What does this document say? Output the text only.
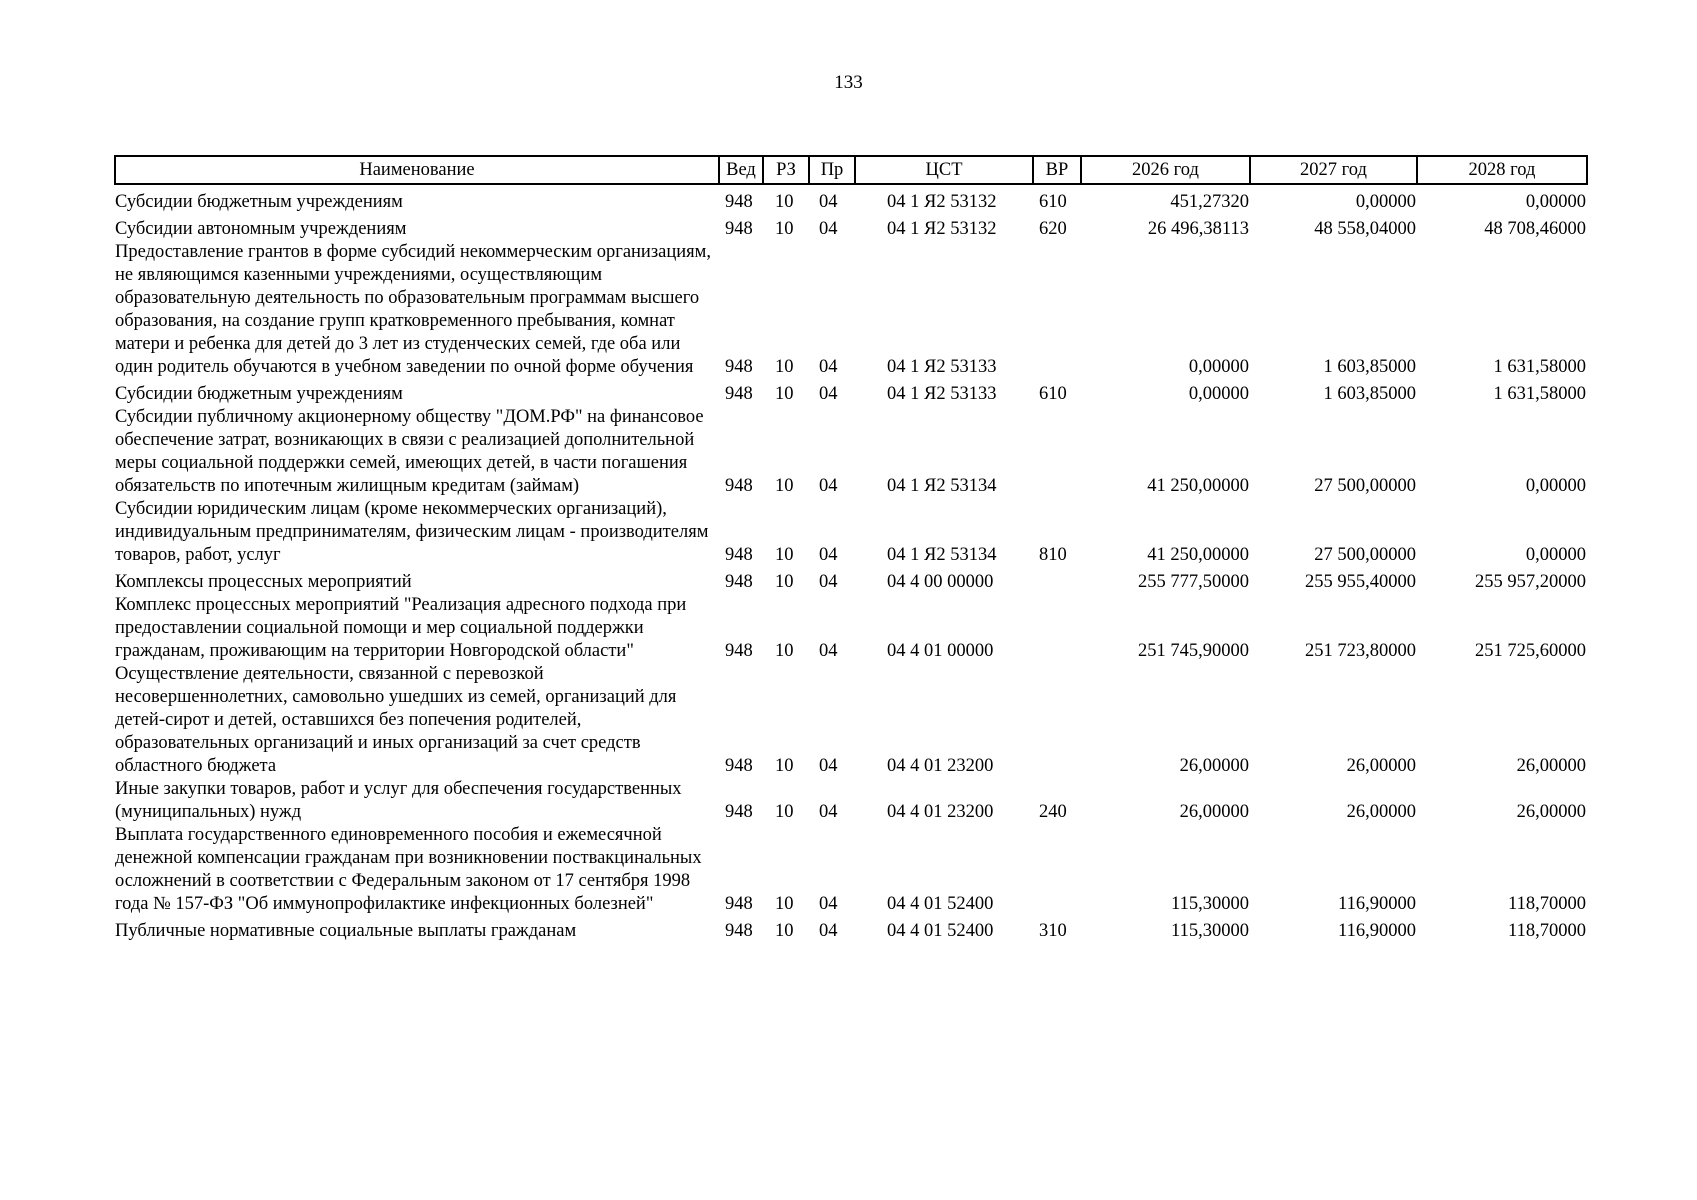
133
Наименование	Вед	РЗ	Пр	ЦСТ	ВР	2026 год	2027 год	2028 год
Субсидии бюджетным учреждениям	948	10	04	04 1 Я2 53132	610	451,27320	0,00000	0,00000
Субсидии автономным учреждениям	948	10	04	04 1 Я2 53132	620	26 496,38113	48 558,04000	48 708,46000
Предоставление грантов в форме субсидий некоммерческим организациям, не являющимся казенными учреждениями, осуществляющим образовательную деятельность по образовательным программам высшего образования, на создание групп кратковременного пребывания, комнат матери и ребенка для детей до 3 лет из студенческих семей, где оба или один родитель обучаются в учебном заведении по очной форме обучения	948	10	04	04 1 Я2 53133		0,00000	1 603,85000	1 631,58000
Субсидии бюджетным учреждениям	948	10	04	04 1 Я2 53133	610	0,00000	1 603,85000	1 631,58000
Субсидии публичному акционерному обществу "ДОМ.РФ" на финансовое обеспечение затрат, возникающих в связи с реализацией дополнительной меры социальной поддержки семей, имеющих детей, в части погашения обязательств по ипотечным жилищным кредитам (займам)	948	10	04	04 1 Я2 53134		41 250,00000	27 500,00000	0,00000
Субсидии юридическим лицам (кроме некоммерческих организаций), индивидуальным предпринимателям, физическим лицам - производителям товаров, работ, услуг	948	10	04	04 1 Я2 53134	810	41 250,00000	27 500,00000	0,00000
Комплексы процессных мероприятий	948	10	04	04 4 00 00000		255 777,50000	255 955,40000	255 957,20000
Комплекс процессных мероприятий "Реализация адресного подхода при предоставлении социальной помощи и мер социальной поддержки гражданам, проживающим на территории Новгородской области"	948	10	04	04 4 01 00000		251 745,90000	251 723,80000	251 725,60000
Осуществление деятельности, связанной с перевозкой несовершеннолетних, самовольно ушедших из семей, организаций для детей-сирот и детей, оставшихся без попечения родителей, образовательных организаций и иных организаций за счет средств областного бюджета	948	10	04	04 4 01 23200		26,00000	26,00000	26,00000
Иные закупки товаров, работ и услуг для обеспечения государственных (муниципальных) нужд	948	10	04	04 4 01 23200	240	26,00000	26,00000	26,00000
Выплата государственного единовременного пособия и ежемесячной денежной компенсации гражданам при возникновении поствакцинальных осложнений в соответствии с Федеральным законом от 17 сентября 1998 года № 157-ФЗ "Об иммунопрофилактике инфекционных болезней"	948	10	04	04 4 01 52400		115,30000	116,90000	118,70000
Публичные нормативные социальные выплаты гражданам	948	10	04	04 4 01 52400	310	115,30000	116,90000	118,70000
